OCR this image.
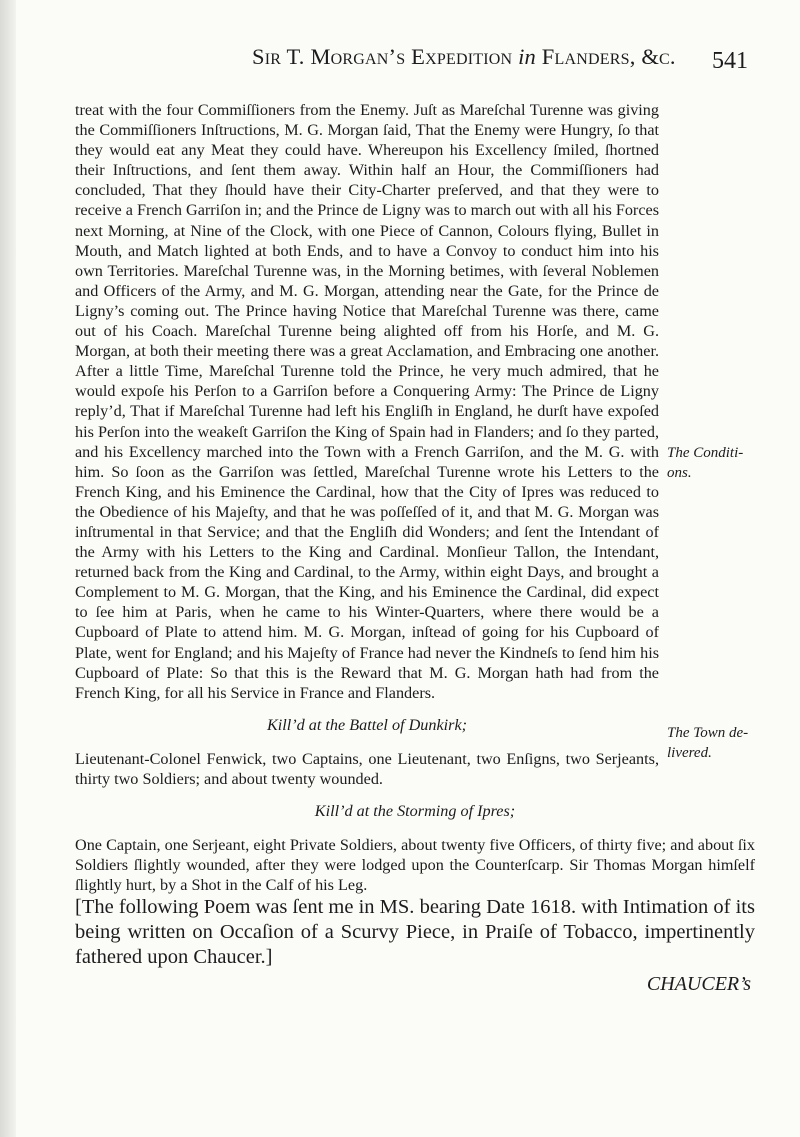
Sir T. Morgan’s Expedition in Flanders, &c. 541
The Conditi-ons.
The Town de-livered.

treat with the four Commiſſioners from the Enemy. Juſt as Mareſchal Turenne was giving the Commiſſioners Inſtructions, M. G. Morgan ſaid, That the Enemy were Hungry, ſo that they would eat any Meat they could have. Whereupon his Excellency ſmiled, ſhortned their Inſtructions, and ſent them away. Within half an Hour, the Commiſſioners had concluded, That they ſhould have their City-Charter preſerved, and that they were to receive a French Garriſon in; and the Prince de Ligny was to march out with all his Forces next Morning, at Nine of the Clock, with one Piece of Cannon, Colours flying, Bullet in Mouth, and Match lighted at both Ends, and to have a Convoy to conduct him into his own Territories. Mareſchal Turenne was, in the Morning betimes, with ſeveral Noblemen and Officers of the Army, and M. G. Morgan, attending near the Gate, for the Prince de Ligny’s coming out. The Prince having Notice that Mareſchal Turenne was there, came out of his Coach. Mareſchal Turenne being alighted off from his Horſe, and M. G. Morgan, at both their meeting there was a great Acclamation, and Embracing one another. After a little Time, Mareſchal Turenne told the Prince, he very much admired, that he would expoſe his Perſon to a Garriſon before a Conquering Army: The Prince de Ligny reply’d, That if Mareſchal Turenne had left his Engliſh in England, he durſt have expoſed his Perſon into the weakeſt Garriſon the King of Spain had in Flanders; and ſo they parted, and his Excellency marched into the Town with a French Garriſon, and the M. G. with him. So ſoon as the Garriſon was ſettled, Mareſchal Turenne wrote his Letters to the French King, and his Eminence the Cardinal, how that the City of Ipres was reduced to the Obedience of his Majeſty, and that he was poſſeſſed of it, and that M. G. Morgan was inſtrumental in that Service; and that the Engliſh did Wonders; and ſent the Intendant of the Army with his Letters to the King and Cardinal. Monſieur Tallon, the Intendant, returned back from the King and Cardinal, to the Army, within eight Days, and brought a Complement to M. G. Morgan, that the King, and his Eminence the Cardinal, did expect to ſee him at Paris, when he came to his Winter-Quarters, where there would be a Cupboard of Plate to attend him. M. G. Morgan, inſtead of going for his Cupboard of Plate, went for England; and his Majeſty of France had never the Kindneſs to ſend him his Cupboard of Plate: So that this is the Reward that M. G. Morgan hath had from the French King, for all his Service in France and Flanders.

Kill’d at the Battel of Dunkirk;

Lieutenant-Colonel Fenwick, two Captains, one Lieutenant, two Enſigns, two Serjeants, thirty two Soldiers; and about twenty wounded.

Kill’d at the Storming of Ipres;

One Captain, one Serjeant, eight Private Soldiers, about twenty five Officers, of thirty five; and about ſix Soldiers ſlightly wounded, after they were lodged upon the Counterſcarp. Sir Thomas Morgan himſelf ſlightly hurt, by a Shot in the Calf of his Leg.

[The following Poem was ſent me in MS. bearing Date 1618. with Intimation of its being written on Occaſion of a Scurvy Piece, in Praiſe of Tobacco, impertinently fathered upon Chaucer.]

CHAUCER’s
